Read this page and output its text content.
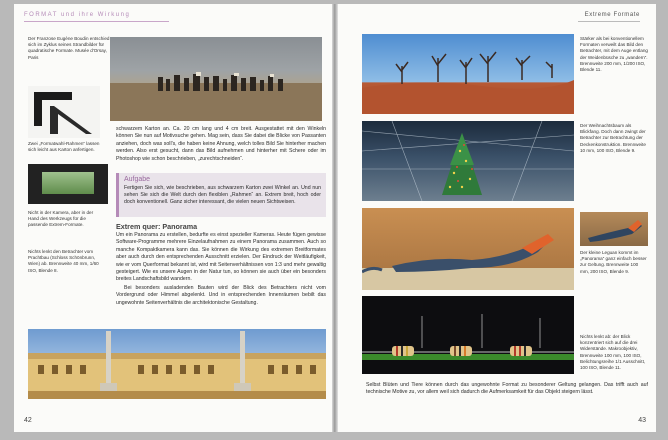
FORMAT und ihre Wirkung
Der Franzose Eugène Boudin entschied sich im Zyklus seines Strandbilder für quadratische Formate. Musée d'Orsay, Paris
Zwei „Formatwahl-Rahmen“ lassen sich leicht aus Karton anfertigen.
Nicht in der Kamera, aber in der Hand des Werkzeugs für die passende Extrem-Formate.
Nichts lenkt den Betrachter vom Prachtbau (Schloss Schönbrunn, Wien) ab. Brennweite 40 mm, 1/60 ISO, Blende 8.
schwarzem Karton an. Ca. 20 cm lang und 4 cm breit. Ausgestattet mit den Winkeln können Sie nun auf Motivsuche gehen. Mag sein, dass Sie dabei die Blicke von Passanten anziehen, doch was soll's, die haben keine Ahnung, welch tolles Bild Sie hinterher machen werden. Also erst gesucht, dann das Bild aufnehmen und hinterher mit Schere oder im Photoshop wie schon beschrieben, „zurechtschneiden“.
Aufgabe
Fertigen Sie sich, wie beschrieben, aus schwarzem Karton zwei Winkel an. Und nun sehen Sie sich die Welt durch den flexiblen „Rahmen“ an. Extrem breit, hoch oder doch konventionell. Ganz sicher interessant, die vielen neuen Sichtweisen.
Extrem quer: Panorama

Um ein Panorama zu erstellen, bedurfte es einst spezieller Kameras. Heute fügen gewisse Software-Programme mehrere Einzelaufnahmen zu einem Panorama zusammen. Auch so manche Kompaktkamera kann das. Sie können die Wirkung des extremen Breitformates aber auch durch den entsprechenden Ausschnitt erzielen. Der Eindruck der Weitläufigkeit, wie er vom Querformat bekannt ist, wird mit Seitenverhältnissen von 1:3 und mehr gewaltig gesteigert. Wie es unsere Augen in der Natur tun, so können sie auch über ein besonders breites Landschaftsbild wandern.

Bei besonders ausladenden Bauten wird der Blick des Betrachters nicht vom Vordergrund oder Himmel abgelenkt. Und in entsprechenden Innenräumen bebilt das ungewohnte Seitenverhältnis die architektonische Gestaltung.

42
Extreme Formate
Stärker als bei konventionellem Formaten verweilt das Bild den Betrachter, mit dem Auge entlang der Weidenbüsche zu „wandern“. Brennweite 200 mm, 1/200 ISO, Blende 11.
Der Weihnachtsbaum als Blickfang. Doch dann zwingt der Betrachter zur Betrachtung der Deckenkonstruktion. Brennweite 10 mm, 100 ISO, Blende 9.
Der kleine Leguan kommt im „Panorama“ ganz einfach besser zur Geltung. Brennweite 100 mm, 200 ISO, Blende 9.
Nichts lenkt ab: der Blick konzentriert sich auf die drei Widerstände. Makroobjektiv, Brennweite 100 mm, 100 ISO, Belichtungsreihe 1/1 Ausschnitt, 100 ISO, Blende 11.
Selbst Blüten und Tiere können durch das ungewohnte Format zu besonderer Geltung gelangen. Das trifft auch auf technische Motive zu, vor allem weil sich dadurch die Aufmerksamkeit für das Objekt steigern lässt.
43
